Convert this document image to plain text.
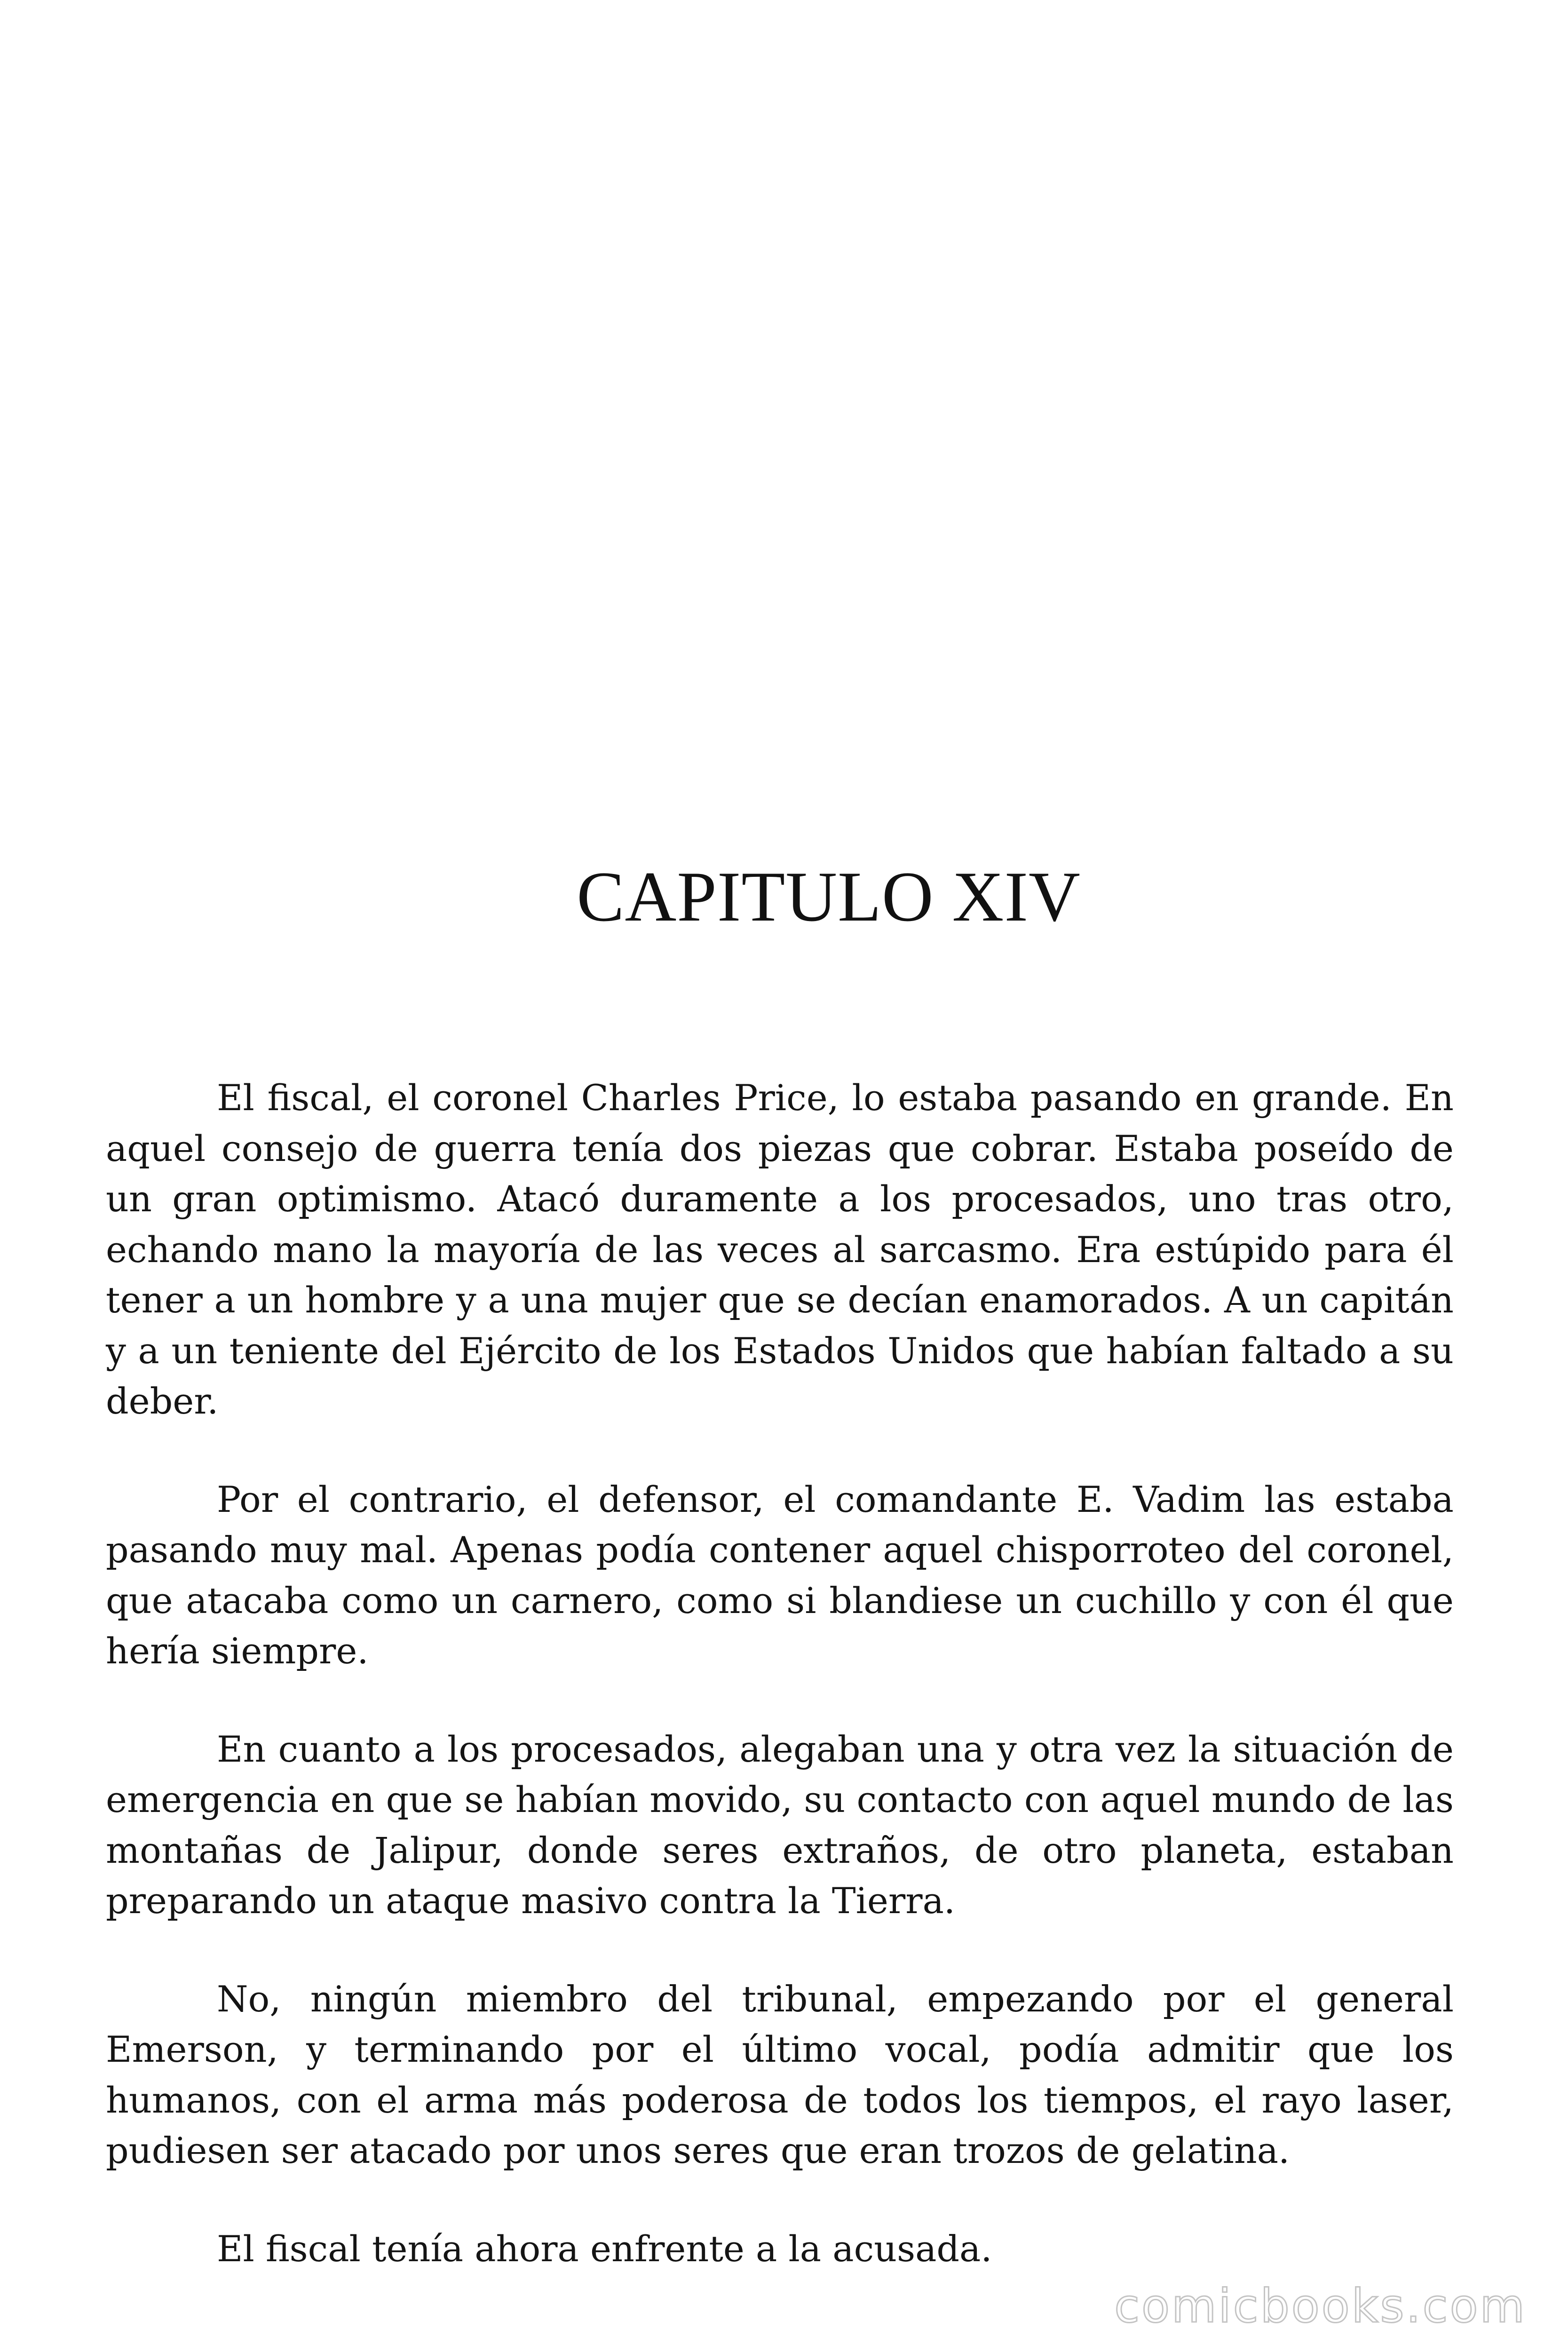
CAPITULO XIV

El fiscal, el coronel Charles Price, lo estaba pasando en grande. En aquel consejo de guerra tenía dos piezas que cobrar. Estaba poseído de un gran optimismo. Atacó duramente a los procesados, uno tras otro, echando mano la mayoría de las veces al sarcasmo. Era estúpido para él tener a un hombre y a una mujer que se decían enamorados. A un capitán y a un teniente del Ejército de los Estados Unidos que habían faltado a su deber.

Por el contrario, el defensor, el comandante E. Vadim las estaba pasando muy mal. Apenas podía contener aquel chisporroteo del coronel, que atacaba como un carnero, como si blandiese un cuchillo y con él que hería siempre.

En cuanto a los procesados, alegaban una y otra vez la situación de emergencia en que se habían movido, su contacto con aquel mundo de las montañas de Jalipur, donde seres extraños, de otro planeta, estaban preparando un ataque masivo contra la Tierra.

No, ningún miembro del tribunal, empezando por el general Emerson, y terminando por el último vocal, podía admitir que los humanos, con el arma más poderosa de todos los tiempos, el rayo laser, pudiesen ser atacado por unos seres que eran trozos de gelatina.

El fiscal tenía ahora enfrente a la acusada.

comicbooks.com
